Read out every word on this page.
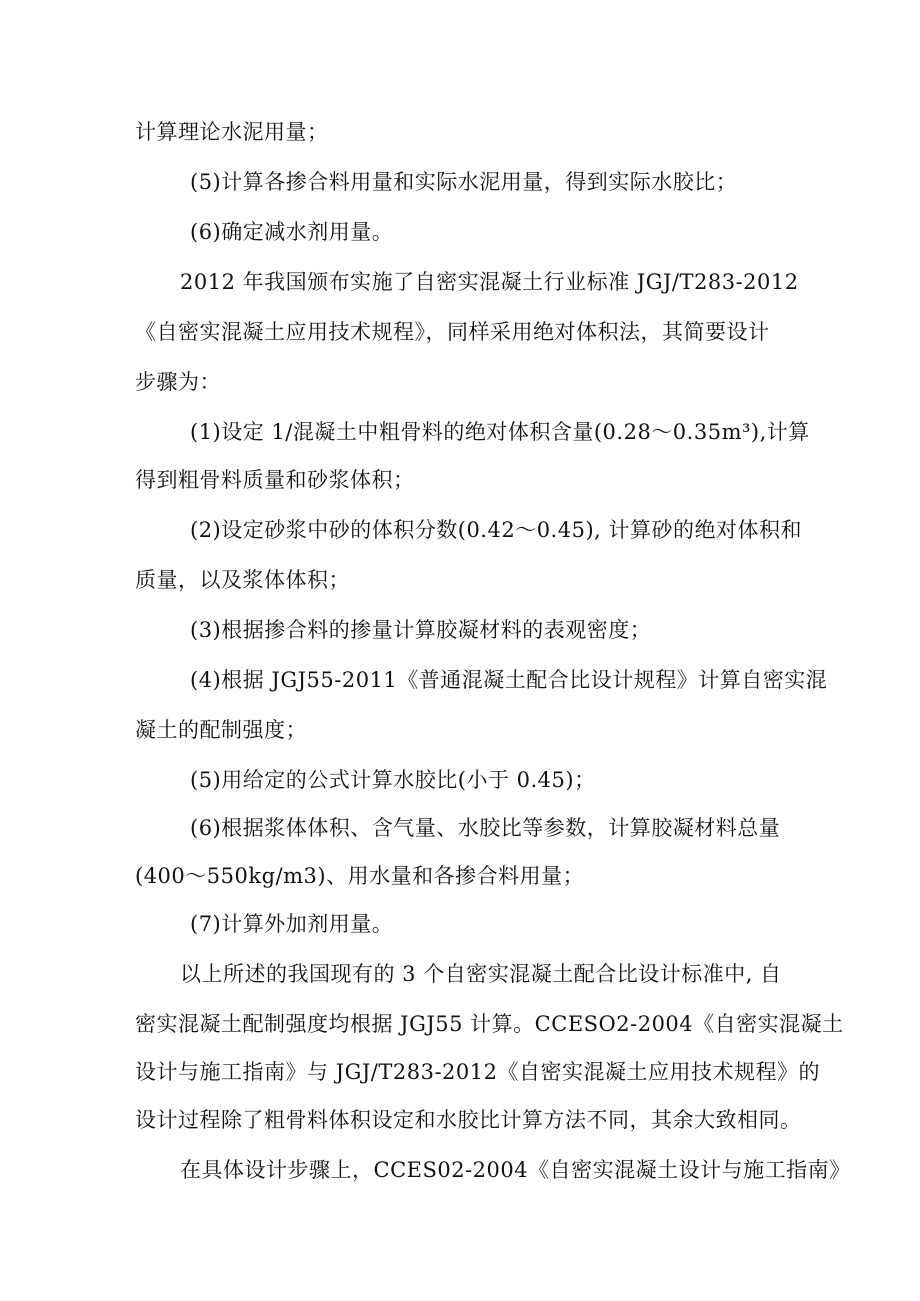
计算理论水泥用量；
(5)计算各掺合料用量和实际水泥用量，得到实际水胶比；
(6)确定减水剂用量。
2012 年我国颁布实施了自密实混凝土行业标准 JGJ/T283-2012
《自密实混凝土应用技术规程》，同样采用绝对体积法，其简要设计
步骤为：
(1)设定 1/混凝土中粗骨料的绝对体积含量(0.28～0.35m³),计算
得到粗骨料质量和砂浆体积；
(2)设定砂浆中砂的体积分数(0.42～0.45), 计算砂的绝对体积和
质量，以及浆体体积；
(3)根据掺合料的掺量计算胶凝材料的表观密度；
(4)根据 JGJ55-2011《普通混凝土配合比设计规程》计算自密实混
凝土的配制强度；
(5)用给定的公式计算水胶比(小于 0.45)；
(6)根据浆体体积、含气量、水胶比等参数，计算胶凝材料总量
(400～550kg/m3)、用水量和各掺合料用量；
(7)计算外加剂用量。
以上所述的我国现有的 3 个自密实混凝土配合比设计标准中, 自
密实混凝土配制强度均根据 JGJ55 计算。CCESO2-2004《自密实混凝土
设计与施工指南》与 JGJ/T283-2012《自密实混凝土应用技术规程》的
设计过程除了粗骨料体积设定和水胶比计算方法不同，其余大致相同。
在具体设计步骤上，CCES02-2004《自密实混凝土设计与施工指南》
